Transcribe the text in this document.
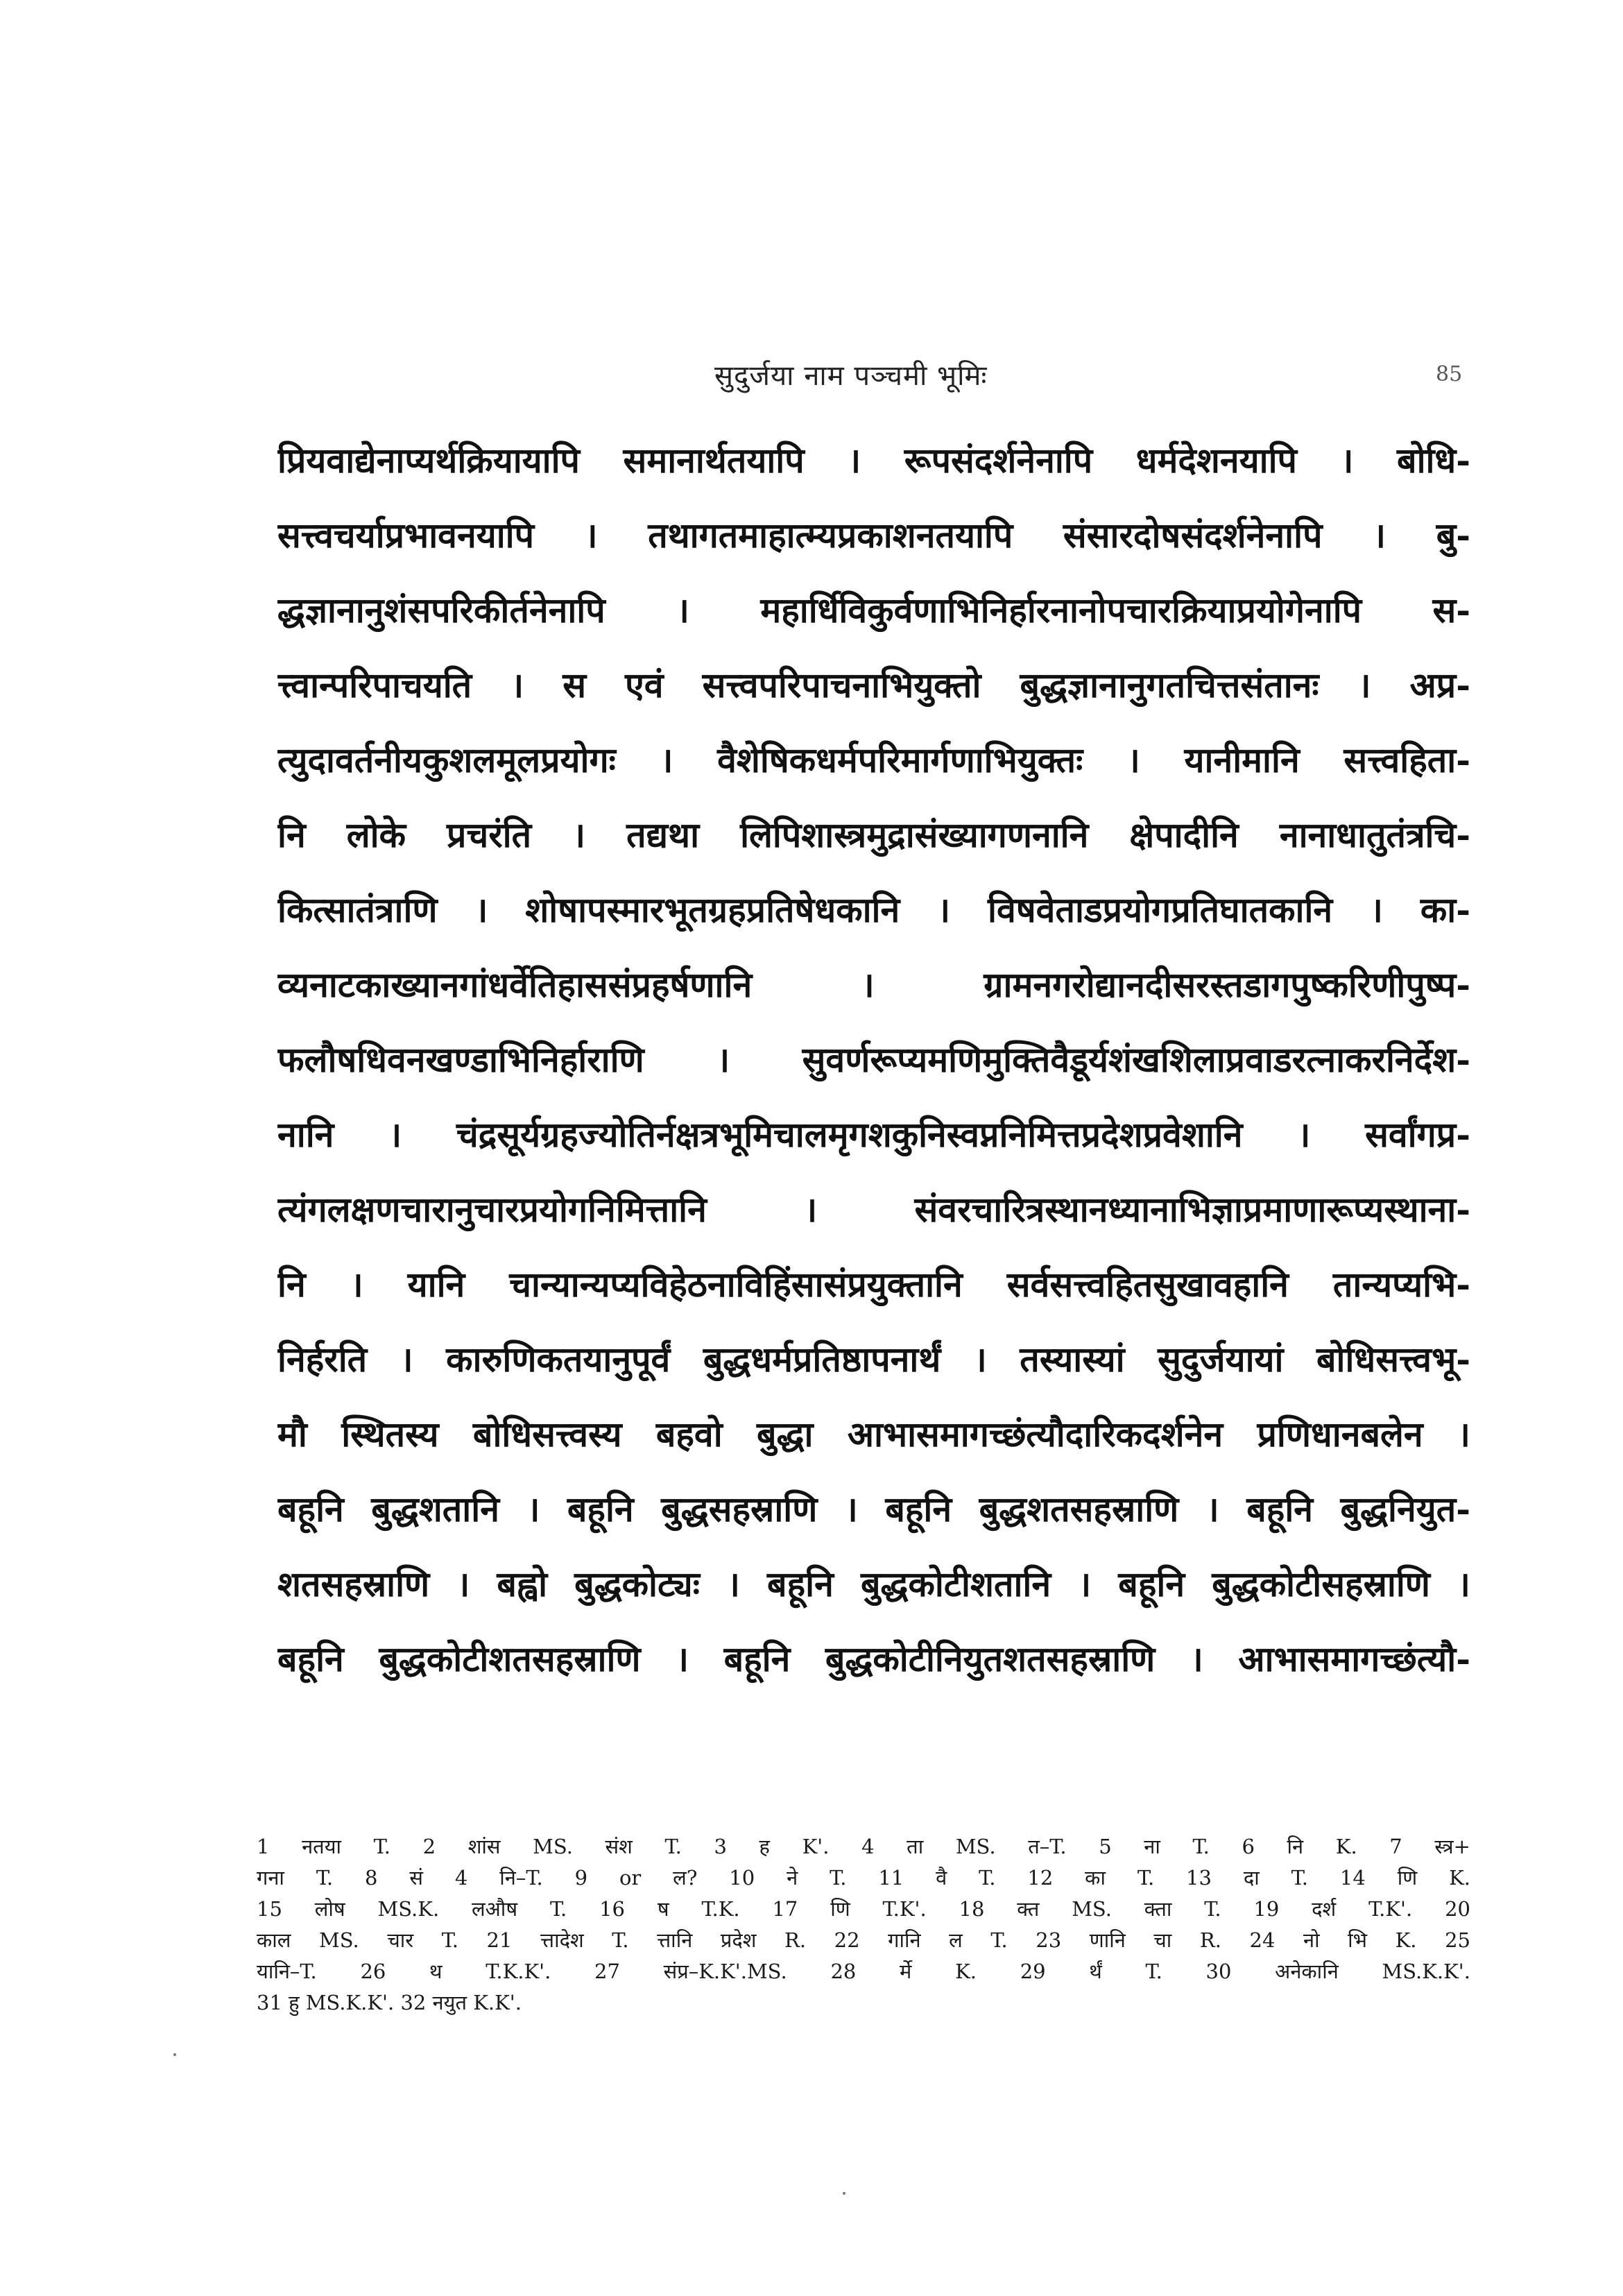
सुदुर्जया नाम पञ्चमी भूमिः	85
प्रियवाद्येनाप्यर्थक्रियायापि समानार्थतयापि । रूपसंदर्शनेनापि धर्मदेशनयापि । बोधि-
सत्त्वचर्याप्रभावनयापि । तथागतमाहात्म्यप्रकाशनतयापि संसारदोषसंदर्शनेनापि । बु-
द्धज्ञानानुशंसपरिकीर्तनेनापि । महार्धिविकुर्वणाभिनिर्हारनानोपचारक्रियाप्रयोगेनापि स-
त्त्वान्परिपाचयति । स एवं सत्त्वपरिपाचनाभियुक्तो बुद्धज्ञानानुगतचित्तसंतानः । अप्र-
त्युदावर्तनीयकुशलमूलप्रयोगः । वैशेषिकधर्मपरिमार्गणाभियुक्तः । यानीमानि सत्त्वहिता-
नि लोके प्रचरंति । तद्यथा लिपिशास्त्रमुद्रासंख्यागणनानि क्षेपादीनि नानाधातुतंत्रचि-
कित्सातंत्राणि । शोषापस्मारभूतग्रहप्रतिषेधकानि । विषवेताडप्रयोगप्रतिघातकानि । का-
व्यनाटकाख्यानगांधर्वेतिहाससंप्रहर्षणानि । ग्रामनगरोद्यानदीसरस्तडागपुष्करिणीपुष्प-
फलौषधिवनखण्डाभिनिर्हाराणि । सुवर्णरूप्यमणिमुक्तिवैडूर्यशंखशिलाप्रवाडरत्नाकरनिर्देश-
नानि । चंद्रसूर्यग्रहज्योतिर्नक्षत्रभूमिचालमृगशकुनिस्वप्ननिमित्तप्रदेशप्रवेशानि । सर्वांगप्र-
त्यंगलक्षणचारानुचारप्रयोगनिमित्तानि । संवरचारित्रस्थानध्यानाभिज्ञाप्रमाणारूप्यस्थाना-
नि । यानि चान्यान्यप्यविहेठनाविहिंसासंप्रयुक्तानि सर्वसत्त्वहितसुखावहानि तान्यप्यभि-
निर्हरति । कारुणिकतयानुपूर्वं बुद्धधर्मप्रतिष्ठापनार्थं । तस्यास्यां सुदुर्जयायां बोधिसत्त्वभू-
मौ स्थितस्य बोधिसत्त्वस्य बहवो बुद्धा आभासमागच्छंत्यौदारिकदर्शनेन प्रणिधानबलेन ।
बहूनि बुद्धशतानि । बहूनि बुद्धसहस्राणि । बहूनि बुद्धशतसहस्राणि । बहूनि बुद्धनियुत-
शतसहस्राणि । बह्वो बुद्धकोट्यः । बहूनि बुद्धकोटीशतानि । बहूनि बुद्धकोटीसहस्राणि ।
बहूनि बुद्धकोटीशतसहस्राणि । बहूनि बुद्धकोटीनियुतशतसहस्राणि । आभासमागच्छंत्यौ-
1 नतया T. 2 शांस MS. संश T. 3 ह K'. 4 ता MS. त–T. 5 ना T. 6 नि K. 7 स्त्र+
गना T. 8 सं 4 नि–T. 9 or ल? 10 ने T. 11 वै T. 12 का T. 13 दा T. 14 णि K.
15 लोष MS.K. लऔष T. 16 ष T.K. 17 णि T.K'. 18 क्त MS. क्ता T. 19 दर्श T.K'. 20
काल MS. चार T. 21 त्तादेश T. त्तानि प्रदेश R. 22 गानि ल T. 23 णानि चा R. 24 नो भि K. 25
यानि–T. 26 थ T.K.K'. 27 संप्र–K.K'.MS. 28 र्मे K. 29 र्थं T. 30 अनेकानि MS.K.K'.
31 हु MS.K.K'. 32 नयुत K.K'.
